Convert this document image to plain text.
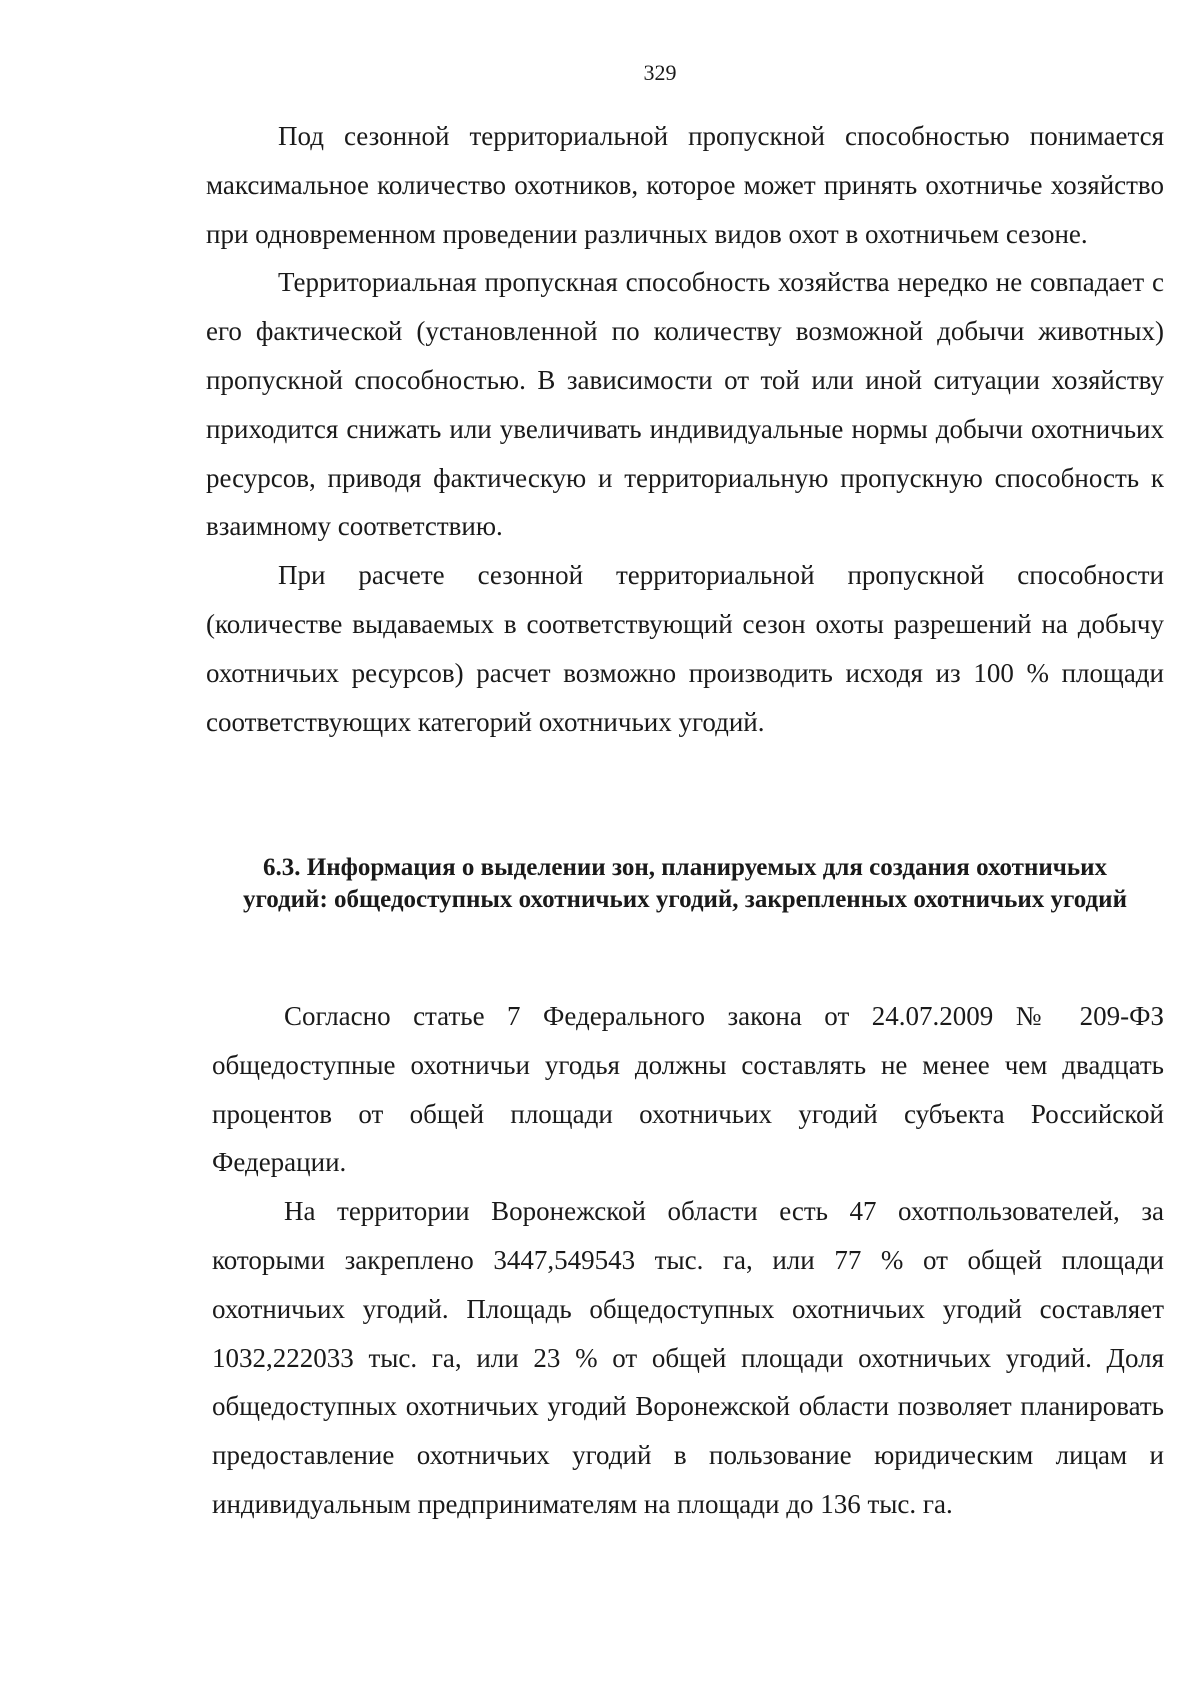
329

Под сезонной территориальной пропускной способностью понимается максимальное количество охотников, которое может принять охотничье хозяйство при одновременном проведении различных видов охот в охотничьем сезоне.

Территориальная пропускная способность хозяйства нередко не совпадает с его фактической (установленной по количеству возможной добычи животных) пропускной способностью. В зависимости от той или иной ситуации хозяйству приходится снижать или увеличивать индивидуальные нормы добычи охотничьих ресурсов, приводя фактическую и территориальную пропускную способность к взаимному соответствию.

При расчете сезонной территориальной пропускной способности (количестве выдаваемых в соответствующий сезон охоты разрешений на добычу охотничьих ресурсов) расчет возможно производить исходя из 100 % площади соответствующих категорий охотничьих угодий.

6.3. Информация о выделении зон, планируемых для создания охотничьих угодий: общедоступных охотничьих угодий, закрепленных охотничьих угодий

Согласно статье 7 Федерального закона от 24.07.2009 № 209-ФЗ общедоступные охотничьи угодья должны составлять не менее чем двадцать процентов от общей площади охотничьих угодий субъекта Российской Федерации.

На территории Воронежской области есть 47 охотпользователей, за которыми закреплено 3447,549543 тыс. га, или 77 % от общей площади охотничьих угодий. Площадь общедоступных охотничьих угодий составляет 1032,222033 тыс. га, или 23 % от общей площади охотничьих угодий. Доля общедоступных охотничьих угодий Воронежской области позволяет планировать предоставление охотничьих угодий в пользование юридическим лицам и индивидуальным предпринимателям на площади до 136 тыс. га.
